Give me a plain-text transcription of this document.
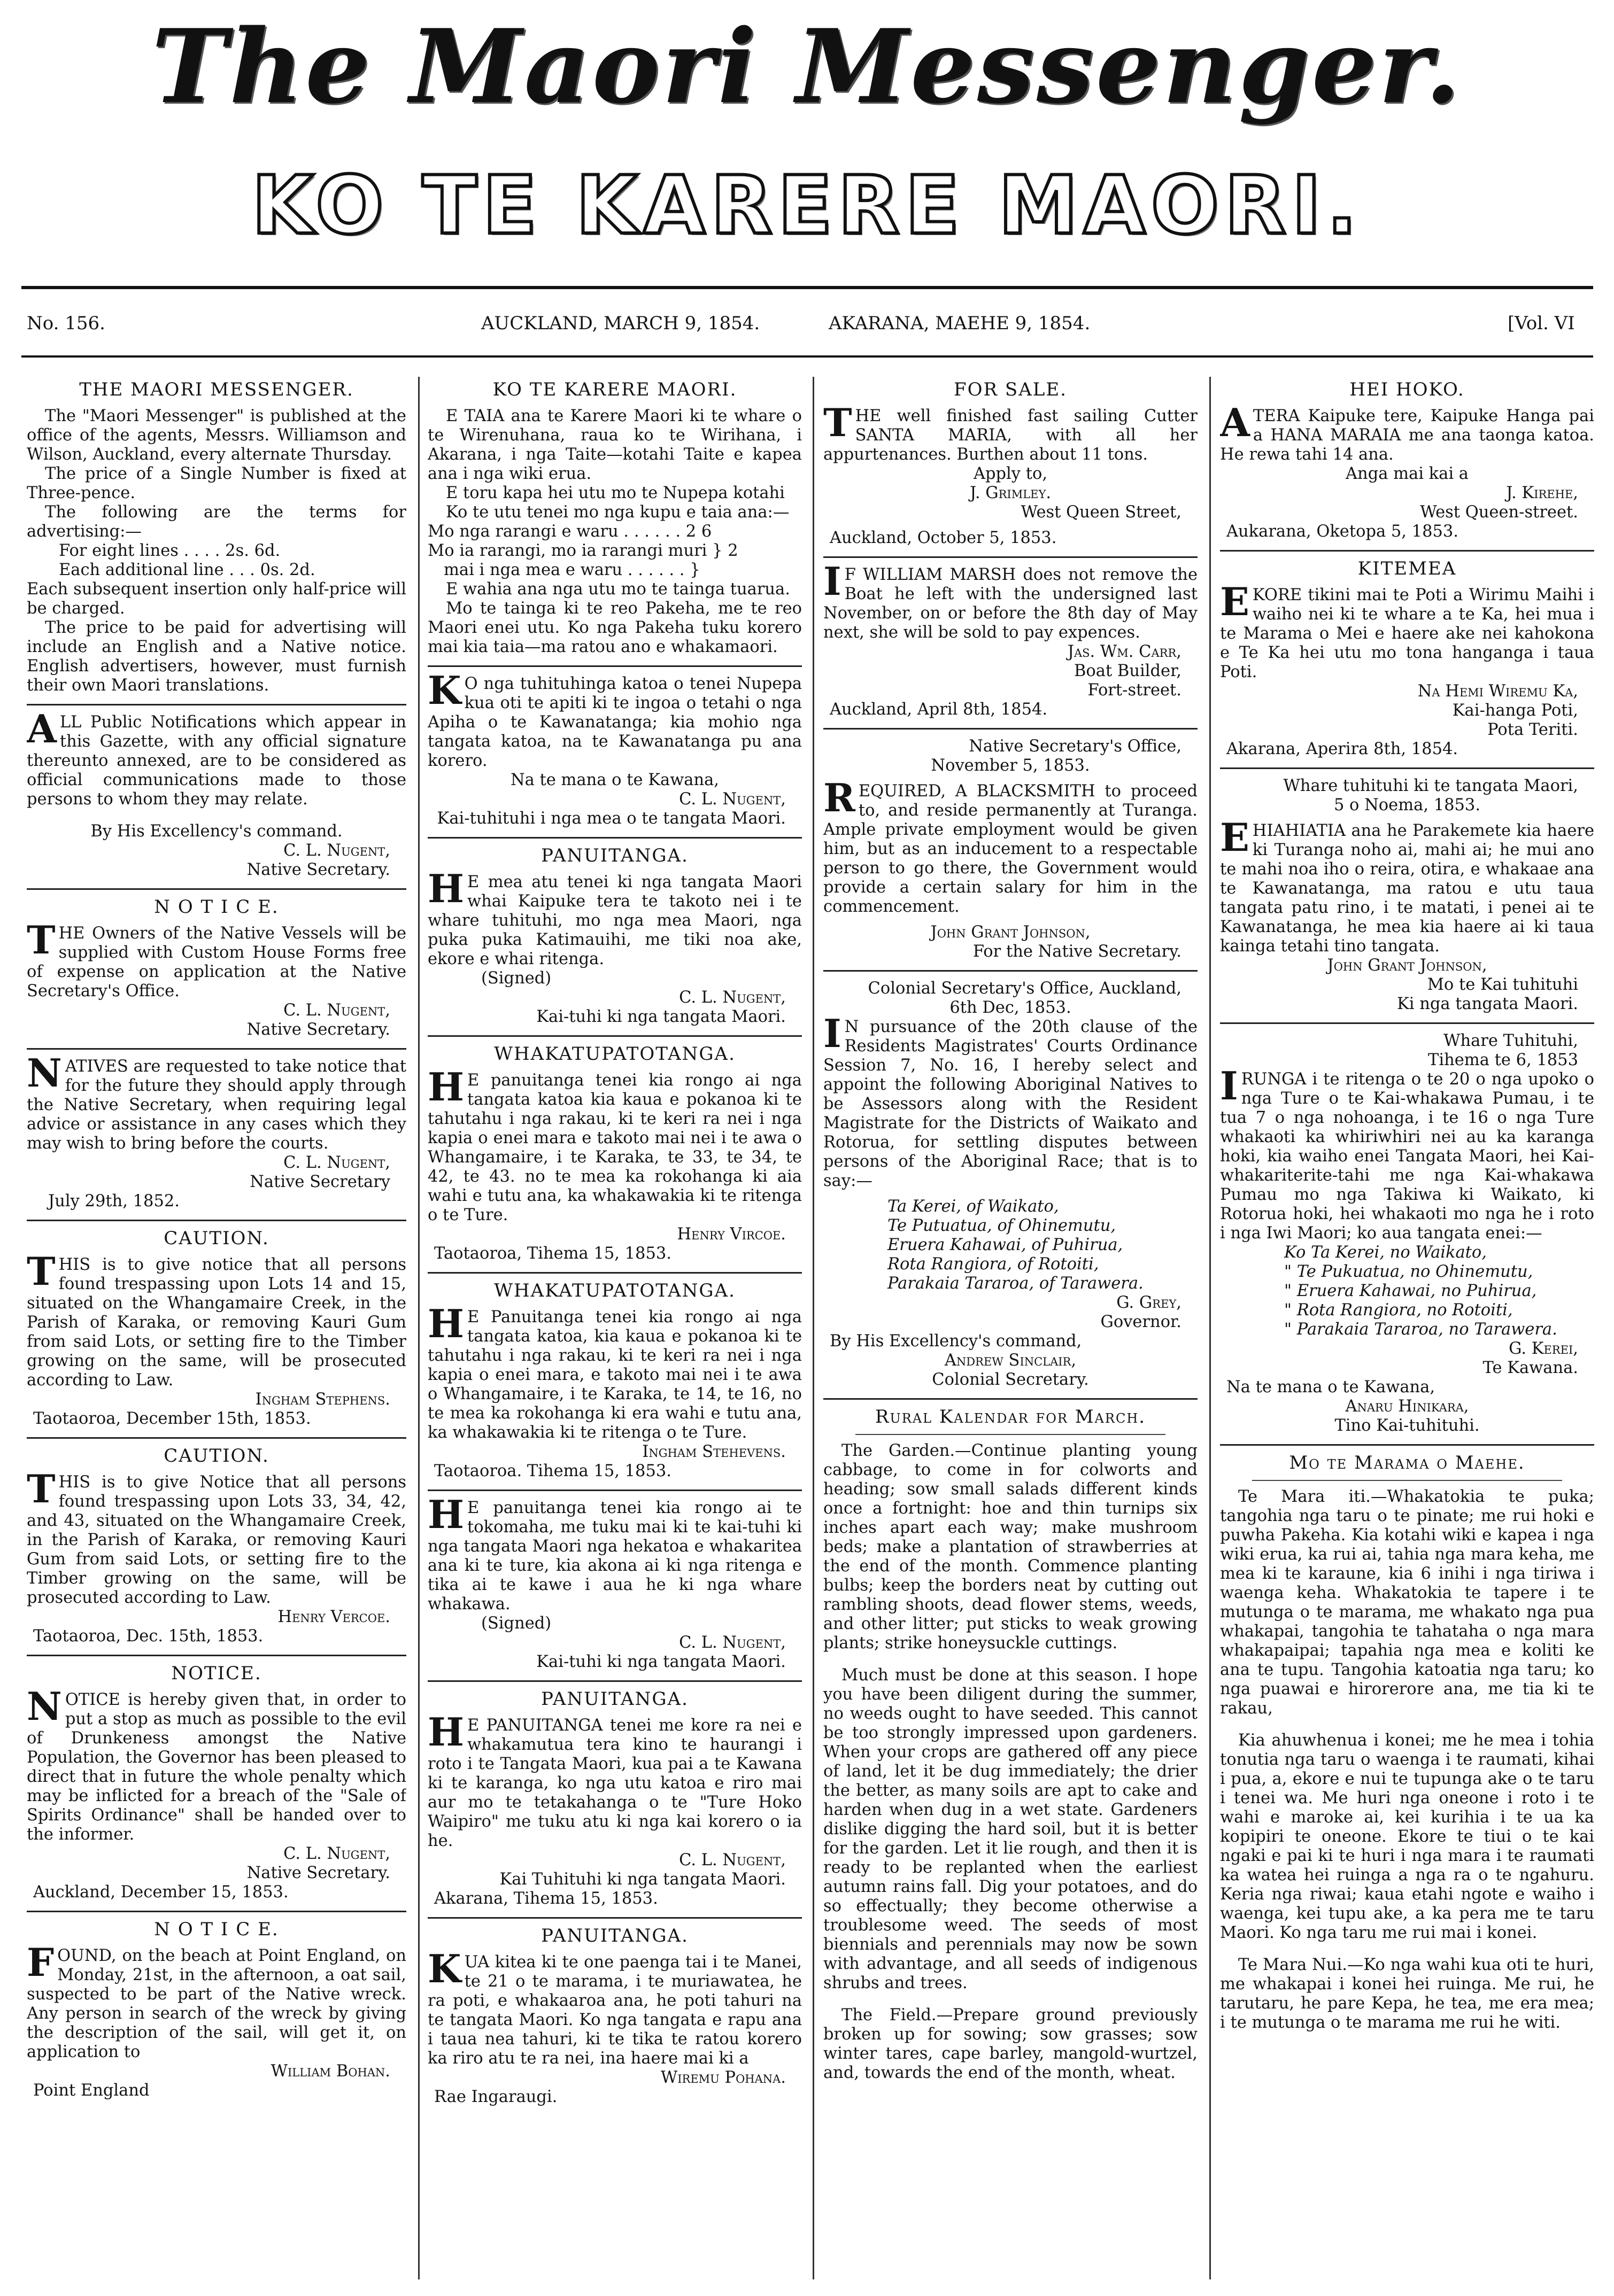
The Maori Messenger.
KO TE KARERE MAORI.
No. 156.	AUCKLAND, MARCH 9, 1854.	AKARANA, MAEHE 9, 1854.	[Vol. VI
THE MAORI MESSENGER.
The "Maori Messenger" is published at the office of the agents, Messrs. Williamson and Wilson, Auckland, every alternate Thursday.
The price of a Single Number is fixed at Three-pence.
The following are the terms for advertising:—
For eight lines . . . . 2s. 6d.
Each additional line . . . 0s. 2d.
Each subsequent insertion only half-price will be charged.
The price to be paid for advertising will include an English and a Native notice. English advertisers, however, must furnish their own Maori translations.
ALL Public Notifications which appear in this Gazette, with any official signature thereunto annexed, are to be considered as official communications made to those persons to whom they may relate.
By His Excellency's command.
C. L. Nugent,
Native Secretary.
N O T I C E.
THE Owners of the Native Vessels will be supplied with Custom House Forms free of expense on application at the Native Secretary's Office.
C. L. Nugent,
Native Secretary.
NATIVES are requested to take notice that for the future they should apply through the Native Secretary, when requiring legal advice or assistance in any cases which they may wish to bring before the courts.
C. L. Nugent,
Native Secretary
July 29th, 1852.
CAUTION.
THIS is to give notice that all persons found trespassing upon Lots 14 and 15, situated on the Whangamaire Creek, in the Parish of Karaka, or removing Kauri Gum from said Lots, or setting fire to the Timber growing on the same, will be prosecuted according to Law.
Ingham Stephens.
Taotaoroa, December 15th, 1853.
CAUTION.
THIS is to give Notice that all persons found trespassing upon Lots 33, 34, 42, and 43, situated on the Whangamaire Creek, in the Parish of Karaka, or removing Kauri Gum from said Lots, or setting fire to the Timber growing on the same, will be prosecuted according to Law.
Henry Vercoe.
Taotaoroa, Dec. 15th, 1853.
NOTICE.
NOTICE is hereby given that, in order to put a stop as much as possible to the evil of Drunkeness amongst the Native Population, the Governor has been pleased to direct that in future the whole penalty which may be inflicted for a breach of the "Sale of Spirits Ordinance" shall be handed over to the informer.
C. L. Nugent,
Native Secretary.
Auckland, December 15, 1853.
N O T I C E.
FOUND, on the beach at Point England, on Monday, 21st, in the afternoon, a oat sail, suspected to be part of the Native wreck. Any person in search of the wreck by giving the description of the sail, will get it, on application to
William Bohan.
Point England
KO TE KARERE MAORI.
E TAIA ana te Karere Maori ki te whare o te Wirenuhana, raua ko te Wirihana, i Akarana, i nga Taite—kotahi Taite e kapea ana i nga wiki erua.
E toru kapa hei utu mo te Nupepa kotahi
Ko te utu tenei mo nga kupu e taia ana:—
Mo nga rarangi e waru . . . . . . 2 6
Mo ia rarangi, mo ia rarangi muri } 2
mai i nga mea e waru . . . . . . }
E wahia ana nga utu mo te tainga tuarua.
Mo te tainga ki te reo Pakeha, me te reo Maori enei utu. Ko nga Pakeha tuku korero mai kia taia—ma ratou ano e whakamaori.
KO nga tuhituhinga katoa o tenei Nupepa kua oti te apiti ki te ingoa o tetahi o nga Apiha o te Kawanatanga; kia mohio nga tangata katoa, na te Kawanatanga pu ana korero.
Na te mana o te Kawana,
C. L. Nugent,
Kai-tuhituhi i nga mea o te tangata Maori.
PANUITANGA.
HE mea atu tenei ki nga tangata Maori whai Kaipuke tera te takoto nei i te whare tuhituhi, mo nga mea Maori, nga puka puka Katimauihi, me tiki noa ake, ekore e whai ritenga.
(Signed)
C. L. Nugent,
Kai-tuhi ki nga tangata Maori.
WHAKATUPATOTANGA.
HE panuitanga tenei kia rongo ai nga tangata katoa kia kaua e pokanoa ki te tahutahu i nga rakau, ki te keri ra nei i nga kapia o enei mara e takoto mai nei i te awa o Whangamaire, i te Karaka, te 33, te 34, te 42, te 43. no te mea ka rokohanga ki aia wahi e tutu ana, ka whakawakia ki te ritenga o te Ture.
Henry Vircoe.
Taotaoroa, Tihema 15, 1853.
WHAKATUPATOTANGA.
HE Panuitanga tenei kia rongo ai nga tangata katoa, kia kaua e pokanoa ki te tahutahu i nga rakau, ki te keri ra nei i nga kapia o enei mara, e takoto mai nei i te awa o Whangamaire, i te Karaka, te 14, te 16, no te mea ka rokohanga ki era wahi e tutu ana, ka whakawakia ki te ritenga o te Ture.
Ingham Stehevens.
Taotaoroa. Tihema 15, 1853.
HE panuitanga tenei kia rongo ai te tokomaha, me tuku mai ki te kai-tuhi ki nga tangata Maori nga hekatoa e whakaritea ana ki te ture, kia akona ai ki nga ritenga e tika ai te kawe i aua he ki nga whare whakawa.
(Signed)
C. L. Nugent,
Kai-tuhi ki nga tangata Maori.
PANUITANGA.
HE PANUITANGA tenei me kore ra nei e whakamutua tera kino te haurangi i roto i te Tangata Maori, kua pai a te Kawana ki te karanga, ko nga utu katoa e riro mai aur mo te tetakahanga o te "Ture Hoko Waipiro" me tuku atu ki nga kai korero o ia he.
C. L. Nugent,
Kai Tuhituhi ki nga tangata Maori.
Akarana, Tihema 15, 1853.
PANUITANGA.
KUA kitea ki te one paenga tai i te Manei, te 21 o te marama, i te muriawatea, he ra poti, e whakaaroa ana, he poti tahuri na te tangata Maori. Ko nga tangata e rapu ana i taua nea tahuri, ki te tika te ratou korero ka riro atu te ra nei, ina haere mai ki a
Wiremu Pohana.
Rae Ingaraugi.
FOR SALE.
THE well finished fast sailing Cutter SANTA MARIA, with all her appurtenances. Burthen about 11 tons.
Apply to,
J. Grimley.
West Queen Street,
Auckland, October 5, 1853.
IF WILLIAM MARSH does not remove the Boat he left with the undersigned last November, on or before the 8th day of May next, she will be sold to pay expences.
Jas. Wm. Carr,
Boat Builder,
Fort-street.
Auckland, April 8th, 1854.
Native Secretary's Office,
November 5, 1853.
REQUIRED, A BLACKSMITH to proceed to, and reside permanently at Turanga. Ample private employment would be given him, but as an inducement to a respectable person to go there, the Government would provide a certain salary for him in the commencement.
John Grant Johnson,
For the Native Secretary.
Colonial Secretary's Office, Auckland,
6th Dec, 1853.
IN pursuance of the 20th clause of the Residents Magistrates' Courts Ordinance Session 7, No. 16, I hereby select and appoint the following Aboriginal Natives to be Assessors along with the Resident Magistrate for the Districts of Waikato and Rotorua, for settling disputes between persons of the Aboriginal Race; that is to say:—
Ta Kerei, of Waikato,
Te Putuatua, of Ohinemutu,
Eruera Kahawai, of Puhirua,
Rota Rangiora, of Rotoiti,
Parakaia Tararoa, of Tarawera.
G. Grey,
Governor.
By His Excellency's command,
Andrew Sinclair,
Colonial Secretary.
Rural Kalendar for March.
The Garden.—Continue planting young cabbage, to come in for colworts and heading; sow small salads different kinds once a fortnight: hoe and thin turnips six inches apart each way; make mushroom beds; make a plantation of strawberries at the end of the month. Commence planting bulbs; keep the borders neat by cutting out rambling shoots, dead flower stems, weeds, and other litter; put sticks to weak growing plants; strike honeysuckle cuttings.
Much must be done at this season. I hope you have been diligent during the summer, no weeds ought to have seeded. This cannot be too strongly impressed upon gardeners. When your crops are gathered off any piece of land, let it be dug immediately; the drier the better, as many soils are apt to cake and harden when dug in a wet state. Gardeners dislike digging the hard soil, but it is better for the garden. Let it lie rough, and then it is ready to be replanted when the earliest autumn rains fall. Dig your potatoes, and do so effectually; they become otherwise a troublesome weed. The seeds of most biennials and perennials may now be sown with advantage, and all seeds of indigenous shrubs and trees.
The Field.—Prepare ground previously broken up for sowing; sow grasses; sow winter tares, cape barley, mangold-wurtzel, and, towards the end of the month, wheat.
HEI HOKO.
ATERA Kaipuke tere, Kaipuke Hanga pai a HANA MARAIA me ana taonga katoa. He rewa tahi 14 ana.
Anga mai kai a
J. Kirehe,
West Queen-street.
Aukarana, Oketopa 5, 1853.
KITEMEA
EKORE tikini mai te Poti a Wirimu Maihi i waiho nei ki te whare a te Ka, hei mua i te Marama o Mei e haere ake nei kahokona e Te Ka hei utu mo tona hanganga i taua Poti.
Na Hemi Wiremu Ka,
Kai-hanga Poti,
Pota Teriti.
Akarana, Aperira 8th, 1854.
Whare tuhituhi ki te tangata Maori,
5 o Noema, 1853.
EHIAHIATIA ana he Parakemete kia haere ki Turanga noho ai, mahi ai; he mui ano te mahi noa iho o reira, otira, e whakaae ana te Kawanatanga, ma ratou e utu taua tangata patu rino, i te matati, i penei ai te Kawanatanga, he mea kia haere ai ki taua kainga tetahi tino tangata.
John Grant Johnson,
Mo te Kai tuhituhi
Ki nga tangata Maori.
Whare Tuhituhi,
Tihema te 6, 1853
IRUNGA i te ritenga o te 20 o nga upoko o nga Ture o te Kai-whakawa Pumau, i te tua 7 o nga nohoanga, i te 16 o nga Ture whakaoti ka whiriwhiri nei au ka karanga hoki, kia waiho enei Tangata Maori, hei Kai-whakariterite-tahi me nga Kai-whakawa Pumau mo nga Takiwa ki Waikato, ki Rotorua hoki, hei whakaoti mo nga he i roto i nga Iwi Maori; ko aua tangata enei:—
Ko Ta Kerei, no Waikato,
" Te Pukuatua, no Ohinemutu,
" Eruera Kahawai, no Puhirua,
" Rota Rangiora, no Rotoiti,
" Parakaia Tararoa, no Tarawera.
G. Kerei,
Te Kawana.
Na te mana o te Kawana,
Anaru Hinikara,
Tino Kai-tuhituhi.
Mo te Marama o Maehe.
Te Mara iti.—Whakatokia te puka; tangohia nga taru o te pinate; me rui hoki e puwha Pakeha. Kia kotahi wiki e kapea i nga wiki erua, ka rui ai, tahia nga mara keha, me mea ki te karaune, kia 6 inihi i nga tiriwa i waenga keha. Whakatokia te tapere i te mutunga o te marama, me whakato nga pua whakapai, tangohia te tahataha o nga mara whakapaipai; tapahia nga mea e koliti ke ana te tupu. Tangohia katoatia nga taru; ko nga puawai e hirorerore ana, me tia ki te rakau,
Kia ahuwhenua i konei; me he mea i tohia tonutia nga taru o waenga i te raumati, kihai i pua, a, ekore e nui te tupunga ake o te taru i tenei wa. Me huri nga oneone i roto i te wahi e maroke ai, kei kurihia i te ua ka kopipiri te oneone. Ekore te tiui o te kai ngaki e pai ki te huri i nga mara i te raumati ka watea hei ruinga a nga ra o te ngahuru. Keria nga riwai; kaua etahi ngote e waiho i waenga, kei tupu ake, a ka pera me te taru Maori. Ko nga taru me rui mai i konei.
Te Mara Nui.—Ko nga wahi kua oti te huri, me whakapai i konei hei ruinga. Me rui, he tarutaru, he pare Kepa, he tea, me era mea; i te mutunga o te marama me rui he witi.
